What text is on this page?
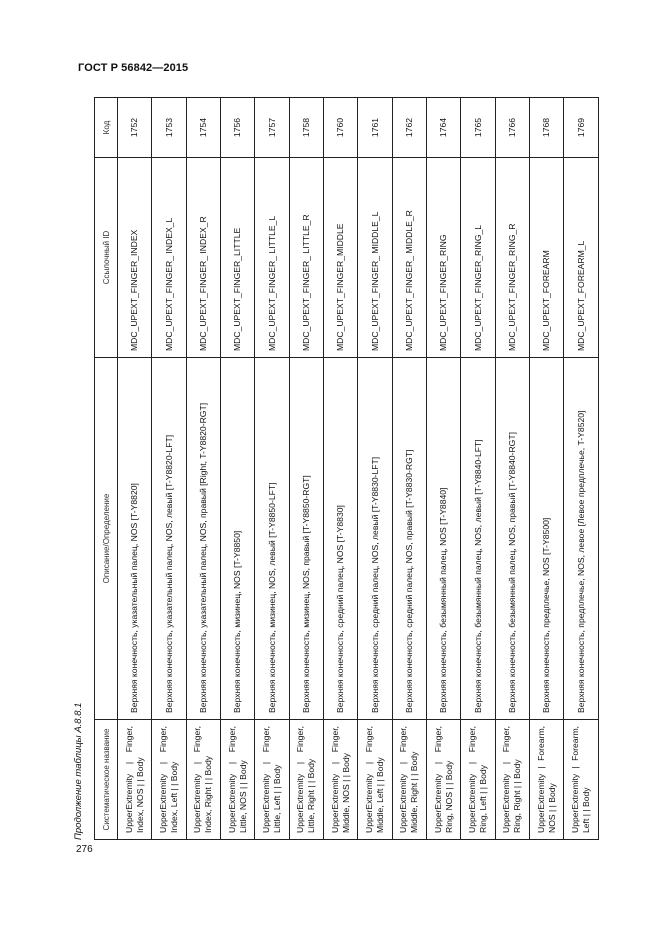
ГОСТ Р 56842—2015
Продолжение таблицы А.8.8.1	Систематическое название	Описание/Определение	Ссылочный ID	Код
UpperExtremity | Finger, Index, NOS | | Body	Верхняя конечность, указательный палец, NOS [T-Y8820]	MDC_UPEXT_FINGER_INDEX	1752
UpperExtremity | Finger, Index, Left | | Body	Верхняя конечность, указательный палец, NOS, левый [T-Y8820-LFT]	MDC_UPEXT_FINGER_ INDEX_L	1753
UpperExtremity | Finger, Index, Right | | Body	Верхняя конечность, указательный палец, NOS, правый [Right, T-Y8820-RGT]	MDC_UPEXT_FINGER_ INDEX_R	1754
UpperExtremity | Finger, Little, NOS | | Body	Верхняя конечность, мизинец, NOS [T-Y8850]	MDC_UPEXT_FINGER_LITTLE	1756
UpperExtremity | Finger, Little, Left | | Body	Верхняя конечность, мизинец, NOS, левый [T-Y8850-LFT]	MDC_UPEXT_FINGER_ LITTLE_L	1757
UpperExtremity | Finger, Little, Right | | Body	Верхняя конечность, мизинец, NOS, правый [T-Y8850-RGT]	MDC_UPEXT_FINGER_ LITTLE_R	1758
UpperExtremity | Finger, Middle, NOS | | Body	Верхняя конечность, средний палец, NOS [T-Y8830]	MDC_UPEXT_FINGER_MIDDLE	1760
UpperExtremity | Finger, Middle, Left | | Body	Верхняя конечность, средний палец, NOS, левый [T-Y8830-LFT]	MDC_UPEXT_FINGER_ MIDDLE_L	1761
UpperExtremity | Finger, Middle, Right | | Body	Верхняя конечность, средний палец, NOS, правый [T-Y8830-RGT]	MDC_UPEXT_FINGER_ MIDDLE_R	1762
UpperExtremity | Finger, Ring, NOS | | Body	Верхняя конечность, безымянный палец, NOS [T-Y8840]	MDC_UPEXT_FINGER_RING	1764
UpperExtremity | Finger, Ring, Left | | Body	Верхняя конечность, безымянный палец, NOS, левый [T-Y8840-LFT]	MDC_UPEXT_FINGER_RING_L	1765
UpperExtremity | Finger, Ring, Right | | Body	Верхняя конечность, безымянный палец, NOS, правый [T-Y8840-RGT]	MDC_UPEXT_FINGER_RING_R	1766
UpperExtremity | Forearm, NOS | | Body	Верхняя конечность, предплечье, NOS [T-Y8500]	MDC_UPEXT_FOREARM	1768
UpperExtremity | Forearm, Left | | Body	Верхняя конечность, предплечье, NOS, левое [Левое предплечье, T-Y8520]	MDC_UPEXT_FOREARM_L	1769
276
